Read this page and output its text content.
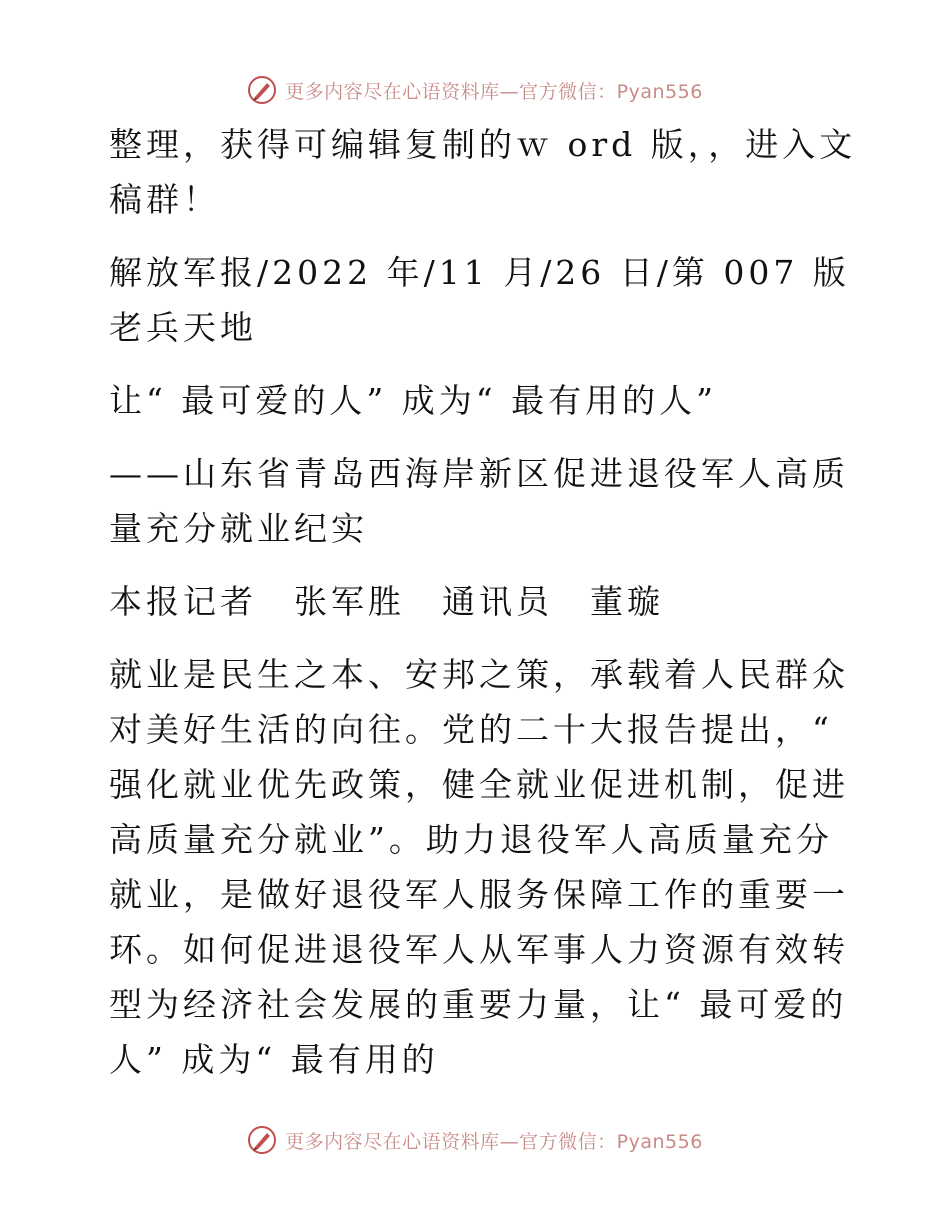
更多内容尽在心语资料库—官方微信：Pyan556

整理，获得可编辑复制的ｗ ord 版，，进入文稿群！

解放军报/2022 年/11 月/26 日/第 007 版老兵天地

让“ 最可爱的人” 成为“ 最有用的人”

——山东省青岛西海岸新区促进退役军人高质量充分就业纪实

本报记者　张军胜　通讯员　董璇

就业是民生之本、安邦之策，承载着人民群众对美好生活的向往。党的二十大报告提出，“ 强化就业优先政策，健全就业促进机制，促进高质量充分就业”。助力退役军人高质量充分就业，是做好退役军人服务保障工作的重要一环。如何促进退役军人从军事人力资源有效转型为经济社会发展的重要力量，让“ 最可爱的人” 成为“ 最有用的

更多内容尽在心语资料库—官方微信：Pyan556
